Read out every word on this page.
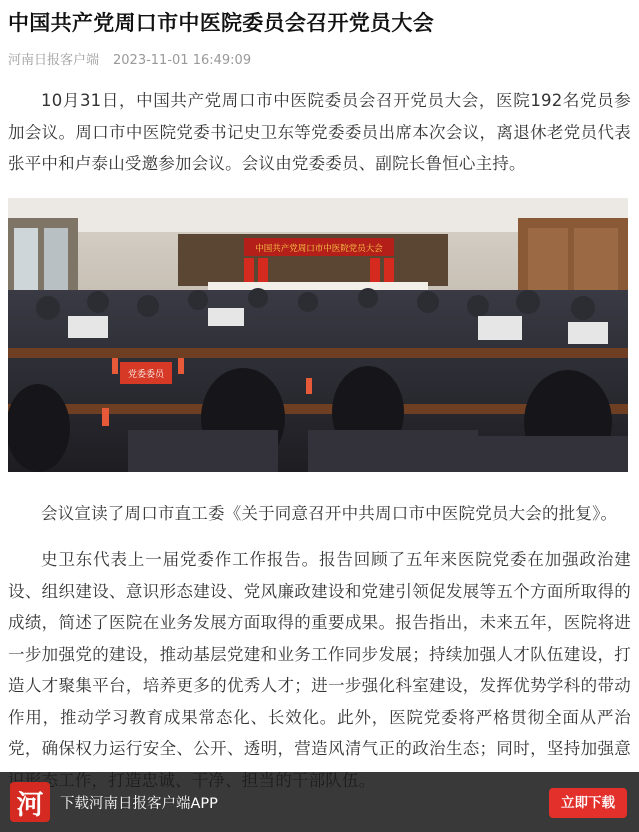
中国共产党周口市中医院委员会召开党员大会
河南日报客户端 2023-11-01 16:49:09

10月31日，中国共产党周口市中医院委员会召开党员大会，医院192名党员参加会议。周口市中医院党委书记史卫东等党委委员出席本次会议，离退休老党员代表张平中和卢泰山受邀参加会议。会议由党委委员、副院长鲁恒心主持。

中国共产党周口市中医院党员大会
党委委员

会议宣读了周口市直工委《关于同意召开中共周口市中医院党员大会的批复》。

史卫东代表上一届党委作工作报告。报告回顾了五年来医院党委在加强政治建设、组织建设、意识形态建设、党风廉政建设和党建引领促发展等五个方面所取得的成绩，简述了医院在业务发展方面取得的重要成果。报告指出，未来五年，医院将进一步加强党的建设，推动基层党建和业务工作同步发展；持续加强人才队伍建设，打造人才聚集平台，培养更多的优秀人才；进一步强化科室建设，发挥优势学科的带动作用，推动学习教育成果常态化、长效化。此外，医院党委将严格贯彻全面从严治党，确保权力运行安全、公开、透明，营造风清气正的政治生态；同时，坚持加强意

河	下载河南日报客户端APP	立即下载
